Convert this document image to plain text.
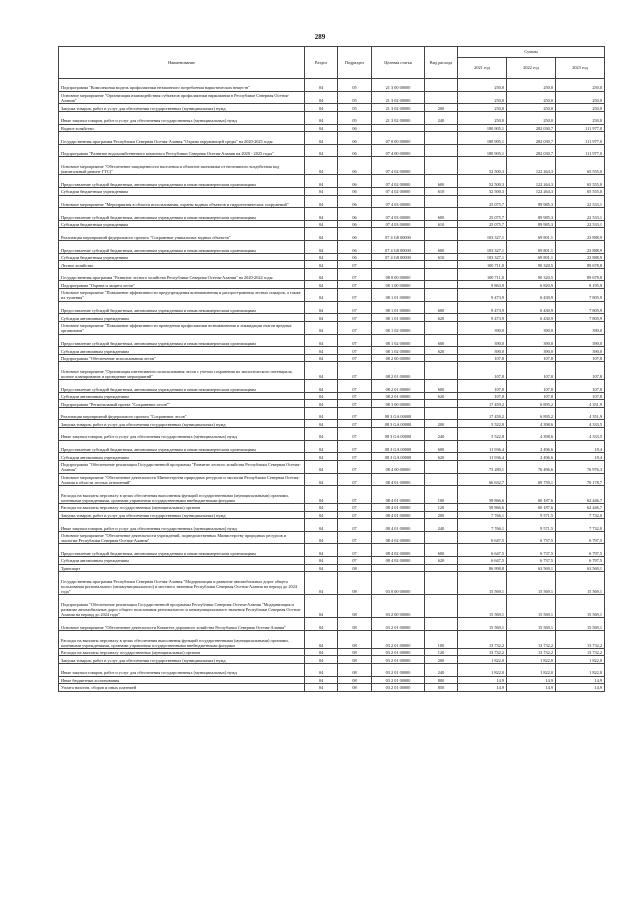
289
Наименование	Раздел	Подраздел	Целевая статья	Вид расхода	Суммы		
					2021 год	2022 год	2023 год
Подпрограмма "Комплексная модель профилактики незаконного потребления наркотических веществ"	04	05	21 3 00 00000		250,0	250,0	250,0
Основное мероприятие "Организация взаимодействия субъектов профилактики наркомании в Республике Северная Осетия-Алания"	04	05	21 3 02 00000		250,0	250,0	250,0
Закупка товаров, работ и услуг для обеспечения государственных (муниципальных) нужд	04	05	21 3 02 00000	200	250,0	250,0	250,0
Иные закупки товаров, работ и услуг для обеспечения государственных (муниципальных) нужд	04	05	21 3 02 00000	240	250,0	250,0	250,0
Водное хозяйство	04	06			180 905,1	282 030,7	111 977,0
Государственная программа Республики Северная Осетия-Алания "Охрана окружающей среды" на 2020-2025 годы	04	06	07 0 00 00000		180 905,1	282 030,7	111 977,0
Подпрограмма "Развитие водохозяйственного комплекса Республики Северная Осетия-Алания на 2020 - 2025 годы"	04	06	07 4 00 00000		180 905,1	282 030,7	111 977,0
Основное мероприятие "Обеспечение защищенности населения и объектов экономики от негативного воздействия вод (капитальный ремонт ГТС)"	04	06	07 4 02 00000		52 500,3	122 264,3	65 555,0
Предоставление субсидий бюджетным, автономным учреждениям и иным некоммерческим организациям	04	06	07 4 02 00000	600	52 500,3	122 264,3	65 555,0
Субсидии бюджетным учреждениям	04	06	07 4 02 00000	610	52 500,3	122 264,3	65 555,0
Основное мероприятие "Мероприятия в области использования, охраны водных объектов и гидротехнических сооружений"	04	06	07 4 03 00000		25 075,7	89 985,3	22 533,1
Предоставление субсидий бюджетным, автономным учреждениям и иным некоммерческим организациям	04	06	07 4 03 00000	600	25 075,7	89 985,3	22 533,1
Субсидии бюджетным учреждениям	04	06	07 4 03 00000	610	25 075,7	89 985,3	22 533,1
Реализация мероприятий федерального проекта "Сохранение уникальных водных объектов"	04	06	07 4 G8 00000		103 327,1	69 801,1	23 888,9
Предоставление субсидий бюджетным, автономным учреждениям и иным некоммерческим организациям	04	06	07 4 G8 00000	600	103 327,1	69 801,1	23 888,9
Субсидии бюджетным учреждениям	04	06	07 4 G8 00000	610	103 327,1	69 801,1	23 888,9
Лесное хозяйство	04	07			100 711,0	90 320,5	89 678,8
Государственная программа "Развитие лесного хозяйства Республики Северная Осетия-Алания" на 2020-2024 годы	04	07	08 0 00 00000		100 711,0	90 320,5	89 678,8
Подпрограмма "Охрана и защита лесов"	04	07	08 1 00 00000		9 863,9	6 820,9	8 195,9
Основное мероприятие "Повышение эффективности предупреждения возникновения и распространения лесных пожаров, а также их тушения"	04	07	08 1 01 00000		9 473,9	6 430,9	7 805,9
Предоставление субсидий бюджетным, автономным учреждениям и иным некоммерческим организациям	04	07	08 1 01 00000	600	9 473,9	6 430,9	7 805,9
Субсидии автономным учреждениям	04	07	08 1 01 00000	620	9 473,9	6 430,9	7 805,9
Основное мероприятие "Повышение эффективности проведения профилактики возникновения и ликвидации очагов вредных организмов"	04	07	08 1 02 00000		390,0	390,0	390,0
Предоставление субсидий бюджетным, автономным учреждениям и иным некоммерческим организациям	04	07	08 1 02 00000	600	390,0	390,0	390,0
Субсидии автономным учреждениям	04	07	08 1 02 00000	620	390,0	390,0	390,0
Подпрограмма "Обеспечение использования лесов"	04	07	08 2 00 00000		107,8	107,8	107,8
Основное мероприятие "Организация интенсивного использования лесов с учетом сохранения их экологического потенциала, полное планирование и проведение мероприятий"	04	07	08 2 01 00000		107,8	107,8	107,8
Предоставление субсидий бюджетным, автономным учреждениям и иным некоммерческим организациям	04	07	08 2 01 00000	600	107,8	107,8	107,8
Субсидии автономным учреждениям	04	07	08 2 01 00000	620	107,8	107,8	107,8
Подпрограмма "Региональный проект "Сохранение лесов""	04	07	08 3 00 00000		17 459,2	6 895,2	4 351,9
Реализация мероприятий федерального проекта "Сохранение лесов"	04	07	08 3 GA 00000		17 459,2	6 895,2	4 351,9
Закупка товаров, работ и услуг для обеспечения государственных (муниципальных) нужд	04	07	08 3 GA 00000	200	5 522,8	4 398,6	4 333,5
Иные закупки товаров, работ и услуг для обеспечения государственных (муниципальных) нужд	04	07	08 3 GA 00000	240	5 522,8	4 398,6	4 333,5
Предоставление субсидий бюджетным, автономным учреждениям и иным некоммерческим организациям	04	07	08 3 GA 00000	600	11 936,4	2 496,6	18,4
Субсидии автономным учреждениям	04	07	08 3 GA 00000	620	11 936,4	2 496,6	18,4
Подпрограмма "Обеспечение реализации Государственной программы "Развитие лесного хозяйства Республики Северная Осетия-Алания"	04	07	08 4 00 00000		73 280,1	76 496,6	76 976,3
Основное мероприятие "Обеспечение деятельности Министерства природных ресурсов и экологии Республики Северная Осетия-Алания в области лесных отношений"	04	07	08 4 01 00000		66 632,7	69 759,1	70 178,7
Расходы на выплаты персоналу в целях обеспечения выполнения функций государственными (муниципальными) органами, казенными учреждениями, органами управления государственными внебюджетными фондами	04	07	08 4 01 00000	100	58 866,6	60 187,6	62 446,7
Расходы на выплаты персоналу государственных (муниципальных) органов	04	07	08 4 01 00000	120	58 866,6	60 187,6	62 446,7
Закупка товаров, работ и услуг для обеспечения государственных (муниципальных) нужд	04	07	08 4 01 00000	200	7 766,1	9 571,5	7 732,0
Иные закупки товаров, работ и услуг для обеспечения государственных (муниципальных) нужд	04	07	08 4 01 00000	240	7 766,1	9 571,5	7 732,0
Основное мероприятие "Обеспечение деятельности учреждений, подведомственных Министерству природных ресурсов и экологии Республики Северная Осетия-Алания"	04	07	08 4 02 00000		6 647,5	6 737,5	6 797,5
Предоставление субсидий бюджетным, автономным учреждениям и иным некоммерческим организациям	04	07	08 4 02 00000	600	6 647,5	6 737,5	6 797,5
Субсидии автономным учреждениям	04	07	08 4 02 00000	620	6 647,5	6 737,5	6 797,5
Транспорт	04	08			86 998,8	63 569,1	63 569,1
Государственная программа Республики Северная Осетия-Алания "Модернизация и развитие автомобильных дорог общего пользования регионального (межмуниципального) и местного значения Республики Северная Осетия-Алания на период до 2024 года"	04	08	03 0 00 00000		15 569,1	15 569,1	15 569,1
Подпрограмма "Обеспечение реализации Государственной программы Республики Северная Осетия-Алания "Модернизация и развитие автомобильных дорог общего пользования регионального и межмуниципального значения Республики Северная Осетия-Алания на период до 2024 года"	04	08	03 2 00 00000		15 569,1	15 569,1	15 569,1
Основное мероприятие "Обеспечение деятельности Комитета дорожного хозяйства Республики Северная Осетия-Алания"	04	08	03 2 01 00000		15 569,1	15 569,1	15 569,1
Расходы на выплаты персоналу в целях обеспечения выполнения функций государственными (муниципальными) органами, казенными учреждениями, органами управления государственными внебюджетными фондами	04	08	03 2 01 00000	100	13 732,2	13 732,2	13 732,2
Расходы на выплаты персоналу государственных (муниципальных) органов	04	08	03 2 01 00000	120	13 732,2	13 732,2	13 732,2
Закупка товаров, работ и услуг для обеспечения государственных (муниципальных) нужд	04	08	03 2 01 00000	200	1 822,0	1 822,0	1 822,0
Иные закупки товаров, работ и услуг для обеспечения государственных (муниципальных) нужд	04	08	03 2 01 00000	240	1 822,0	1 822,0	1 822,0
Иные бюджетные ассигнования	04	08	03 2 01 00000	800	14,9	14,9	14,9
Уплата налогов, сборов и иных платежей	04	08	03 2 01 00000	850	14,9	14,9	14,9
